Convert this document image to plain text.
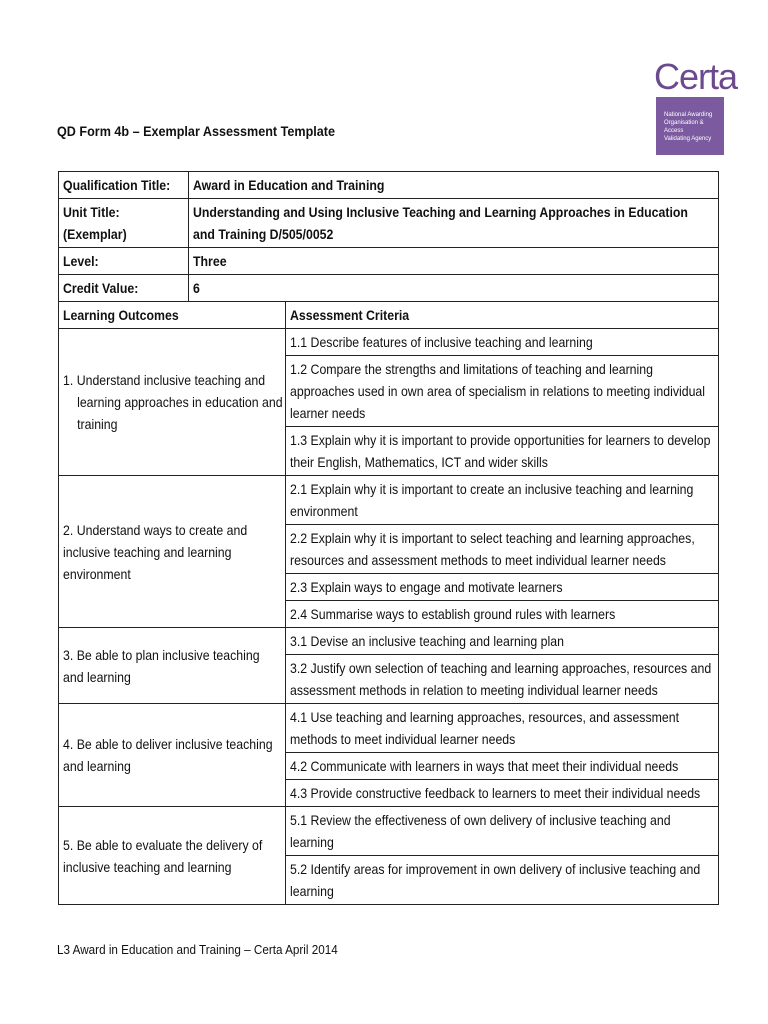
Certa
National Awarding
Organisation & Access
Validating Agency
QD Form 4b – Exemplar Assessment Template
Qualification Title:	Award in Education and Training	

Unit Title: (Exemplar)	Understanding and Using Inclusive Teaching and Learning Approaches in Education and Training D/505/0052	

Level:	Three	

Credit Value:	6	

Learning Outcomes		Assessment Criteria

1. Understand inclusive teaching and learning approaches in education and training		1.1 Describe features of inclusive teaching and learning

		1.2 Compare the strengths and limitations of teaching and learning approaches used in own area of specialism in relations to meeting individual learner needs

		1.3 Explain why it is important to provide opportunities for learners to develop their English, Mathematics, ICT and wider skills

2. Understand ways to create and inclusive teaching and learning environment		2.1 Explain why it is important to create an inclusive teaching and learning environment

		2.2 Explain why it is important to select teaching and learning approaches, resources and assessment methods to meet individual learner needs

		2.3 Explain ways to engage and motivate learners

		2.4 Summarise ways to establish ground rules with learners

3. Be able to plan inclusive teaching and learning		3.1 Devise an inclusive teaching and learning plan

		3.2 Justify own selection of teaching and learning approaches, resources and assessment methods in relation to meeting individual learner needs

4. Be able to deliver inclusive teaching and learning		4.1 Use teaching and learning approaches, resources, and assessment methods to meet individual learner needs

		4.2 Communicate with learners in ways that meet their individual needs

		4.3 Provide constructive feedback to learners to meet their individual needs

5. Be able to evaluate the delivery of inclusive teaching and learning		5.1 Review the effectiveness of own delivery of inclusive teaching and learning

		5.2 Identify areas for improvement in own delivery of inclusive teaching and learning
L3 Award in Education and Training – Certa April 2014
